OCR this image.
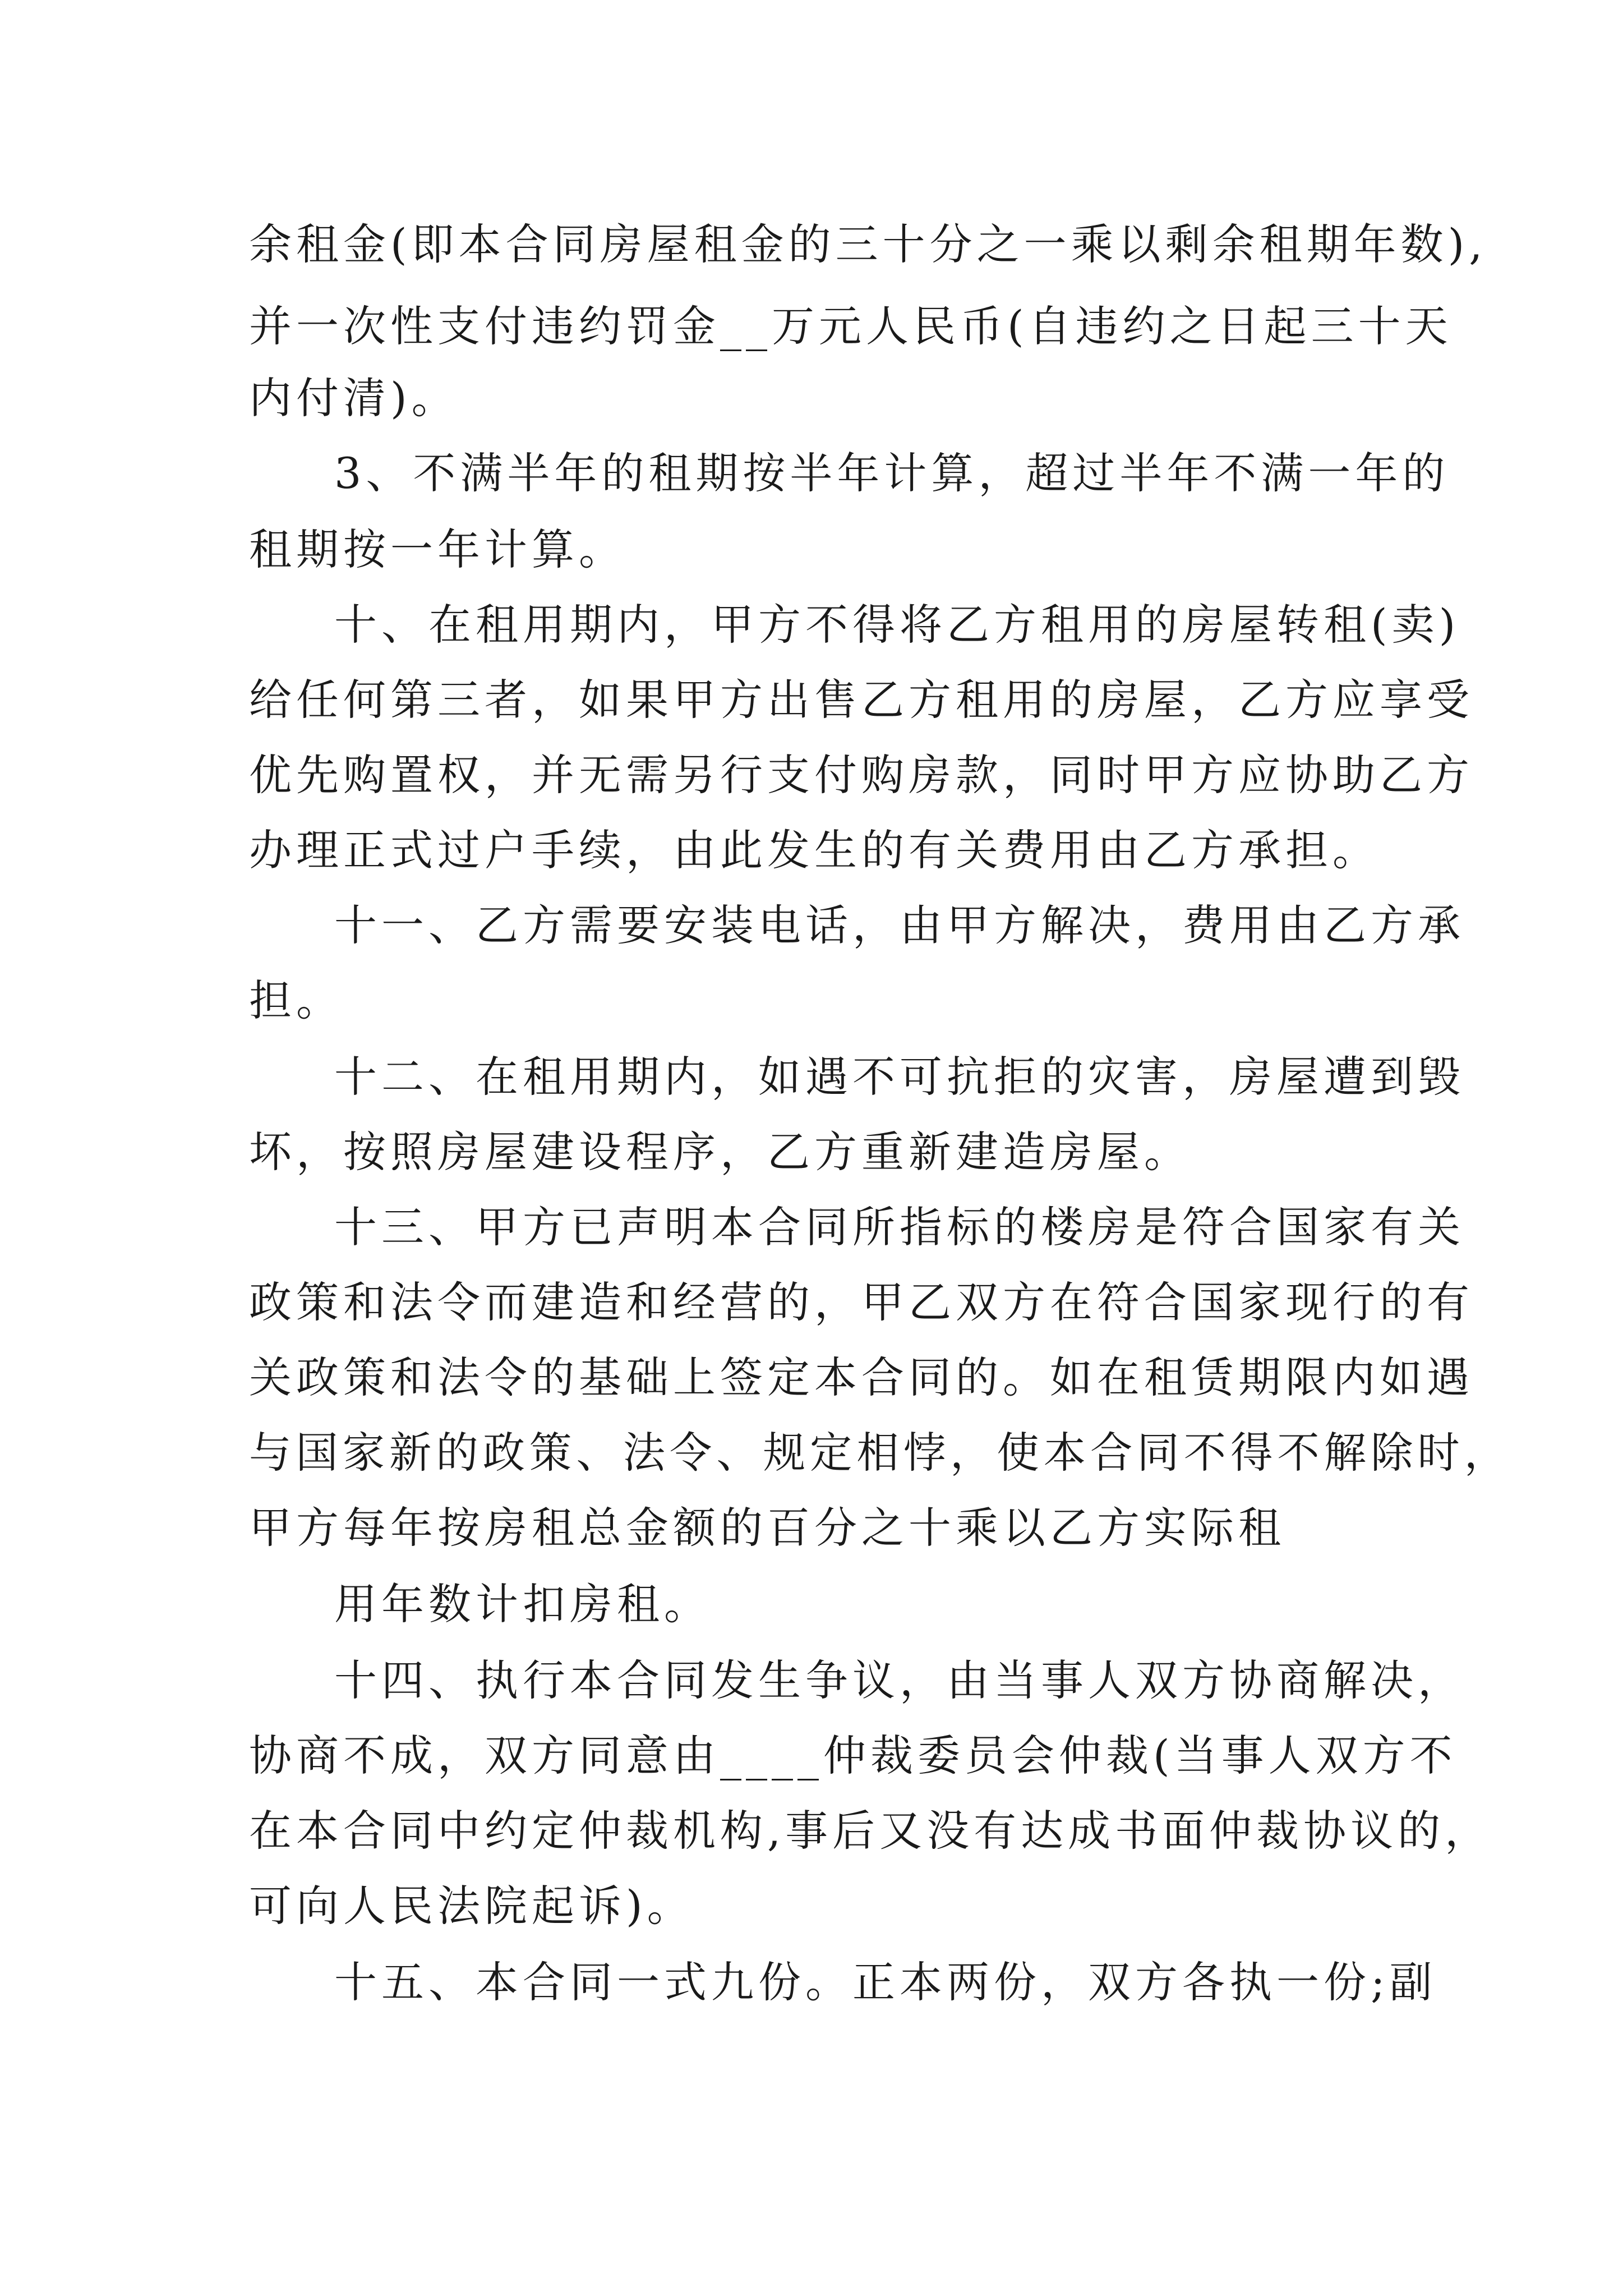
余租金(即本合同房屋租金的三十分之一乘以剩余租期年数),
并一次性支付违约罚金__万元人民币(自违约之日起三十天
内付清)。
3、不满半年的租期按半年计算，超过半年不满一年的
租期按一年计算。
十、在租用期内，甲方不得将乙方租用的房屋转租(卖)
给任何第三者，如果甲方出售乙方租用的房屋，乙方应享受
优先购置权，并无需另行支付购房款，同时甲方应协助乙方
办理正式过户手续，由此发生的有关费用由乙方承担。
十一、乙方需要安装电话，由甲方解决，费用由乙方承
担。
十二、在租用期内，如遇不可抗拒的灾害，房屋遭到毁
坏，按照房屋建设程序，乙方重新建造房屋。
十三、甲方已声明本合同所指标的楼房是符合国家有关
政策和法令而建造和经营的，甲乙双方在符合国家现行的有
关政策和法令的基础上签定本合同的。如在租赁期限内如遇
与国家新的政策、法令、规定相悖，使本合同不得不解除时，
甲方每年按房租总金额的百分之十乘以乙方实际租
用年数计扣房租。
十四、执行本合同发生争议，由当事人双方协商解决，
协商不成，双方同意由____仲裁委员会仲裁(当事人双方不
在本合同中约定仲裁机构,事后又没有达成书面仲裁协议的，
可向人民法院起诉)。
十五、本合同一式九份。正本两份，双方各执一份;副
